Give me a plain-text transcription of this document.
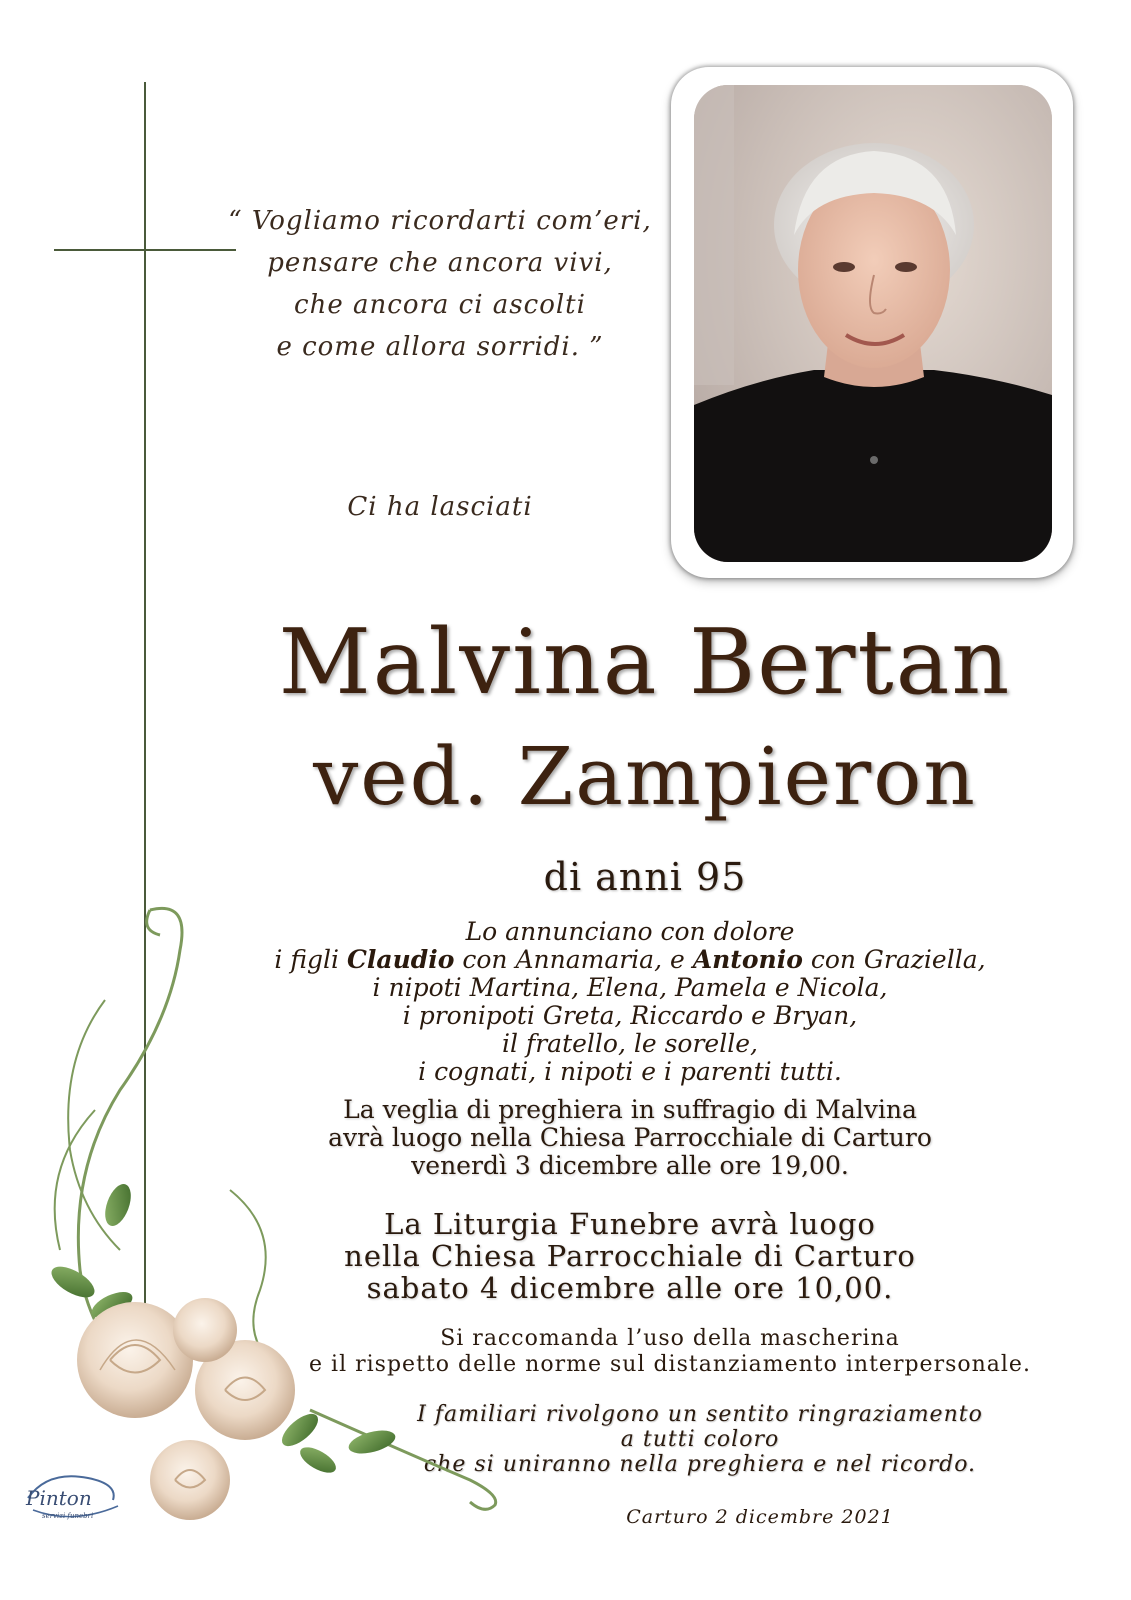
“ Vogliamo ricordarti com’eri,
pensare che ancora vivi,
che ancora ci ascolti
e come allora sorridi. ”
Ci ha lasciati
Malvina Bertan
ved. Zampieron
di anni 95
Lo annunciano con dolore
i figli Claudio con Annamaria, e Antonio con Graziella,
i nipoti Martina, Elena, Pamela e Nicola,
i pronipoti Greta, Riccardo e Bryan,
il fratello, le sorelle,
i cognati, i nipoti e i parenti tutti.
La veglia di preghiera in suffragio di Malvina
avrà luogo nella Chiesa Parrocchiale di Carturo
venerdì 3 dicembre alle ore 19,00.
La Liturgia Funebre avrà luogo
nella Chiesa Parrocchiale di Carturo
sabato 4 dicembre alle ore 10,00.
Si raccomanda l’uso della mascherina
e il rispetto delle norme sul distanziamento interpersonale.
I familiari rivolgono un sentito ringraziamento
a tutti coloro
che si uniranno nella preghiera e nel ricordo.
Carturo 2 dicembre 2021
Pinton
servizi funebri
